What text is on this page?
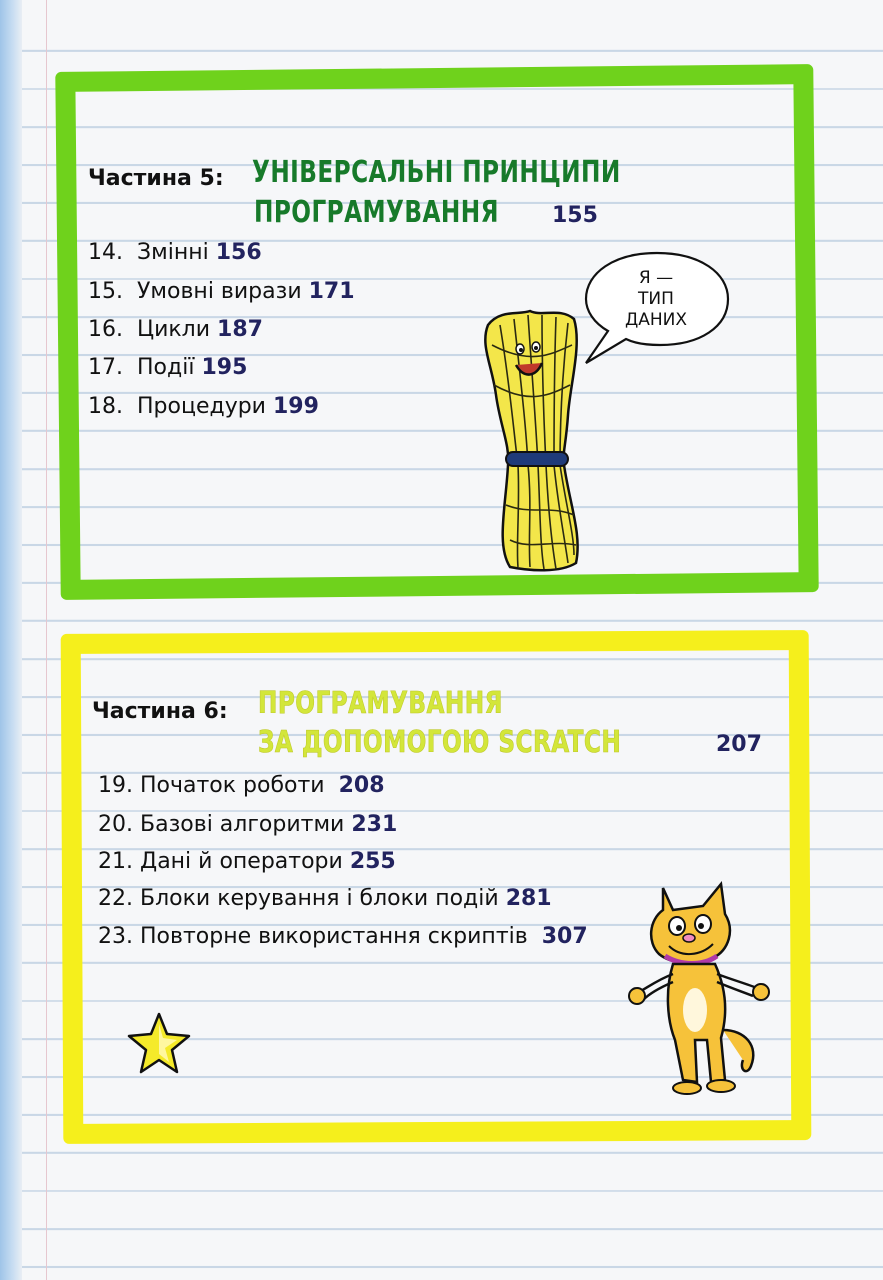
Частина 5: УНІВЕРСАЛЬНІ ПРИНЦИПИ
ПРОГРАМУВАННЯ 155
14. Змінні 156
15. Умовні вирази 171
16. Цикли 187
17. Події 195
18. Процедури 199
Я —
ТИП
ДАНИХ
Частина 6: ПРОГРАМУВАННЯ
ЗА ДОПОМОГОЮ SCRATCH	207
19. Початок роботи 208
20. Базові алгоритми 231
21. Дані й оператори 255
22. Блоки керування і блоки подій 281
23. Повторне використання скриптів 307
